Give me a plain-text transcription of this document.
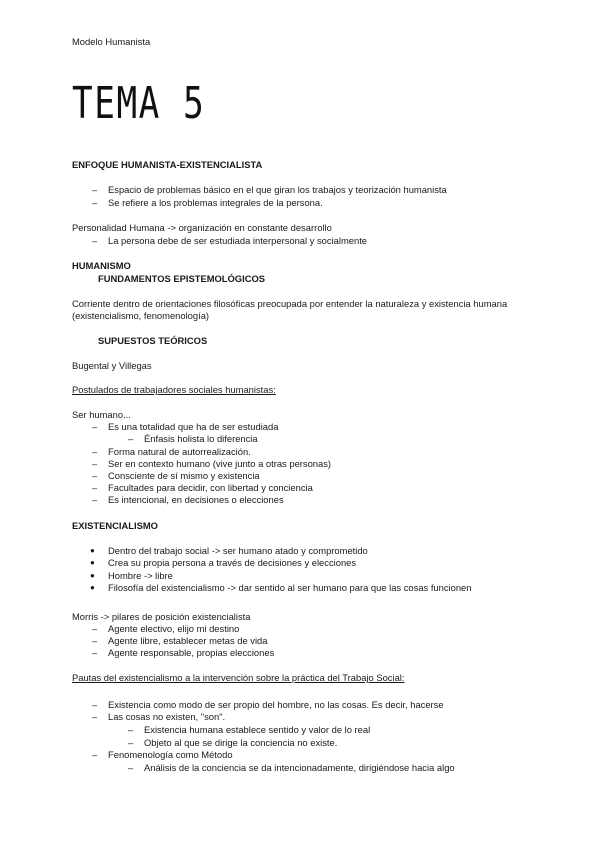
Modelo Humanista
TEMA 5
ENFOQUE HUMANISTA-EXISTENCIALISTA
– Espacio de problemas básico en el que giran los trabajos y teorización humanista
– Se refiere a los problemas integrales de la persona.
Personalidad Humana -> organización en constante desarrollo
– La persona debe de ser estudiada interpersonal y socialmente
HUMANISMO
FUNDAMENTOS EPISTEMOLÓGICOS
Corriente dentro de orientaciones filosóficas preocupada por entender la naturaleza y existencia humana
(existencialismo, fenomenología)
SUPUESTOS TEÓRICOS
Bugental y Villegas
Postulados de trabajadores sociales humanistas:
Ser humano...
– Es una totalidad que ha de ser estudiada
– Énfasis holista lo diferencia
– Forma natural de autorrealización.
– Ser en contexto humano (vive junto a otras personas)
– Consciente de sí mismo y existencia
– Facultades para decidir, con libertad y conciencia
– Es intencional, en decisiones o elecciones
EXISTENCIALISMO
● Dentro del trabajo social -> ser humano atado y comprometido
● Crea su propia persona a través de decisiones y elecciones
● Hombre -> libre
● Filosofía del existencialismo -> dar sentido al ser humano para que las cosas funcionen
Morris -> pilares de posición existencialista
– Agente electivo, elijo mi destino
– Agente libre, establecer metas de vida
– Agente responsable, propias elecciones
Pautas del existencialismo a la intervención sobre la práctica del Trabajo Social:
– Existencia como modo de ser propio del hombre, no las cosas. Es decir, hacerse
– Las cosas no existen, "son".
– Existencia humana establece sentido y valor de lo real
– Objeto al que se dirige la conciencia no existe.
– Fenomenología como Método
– Análisis de la conciencia se da intencionadamente, dirigiéndose hacia algo
